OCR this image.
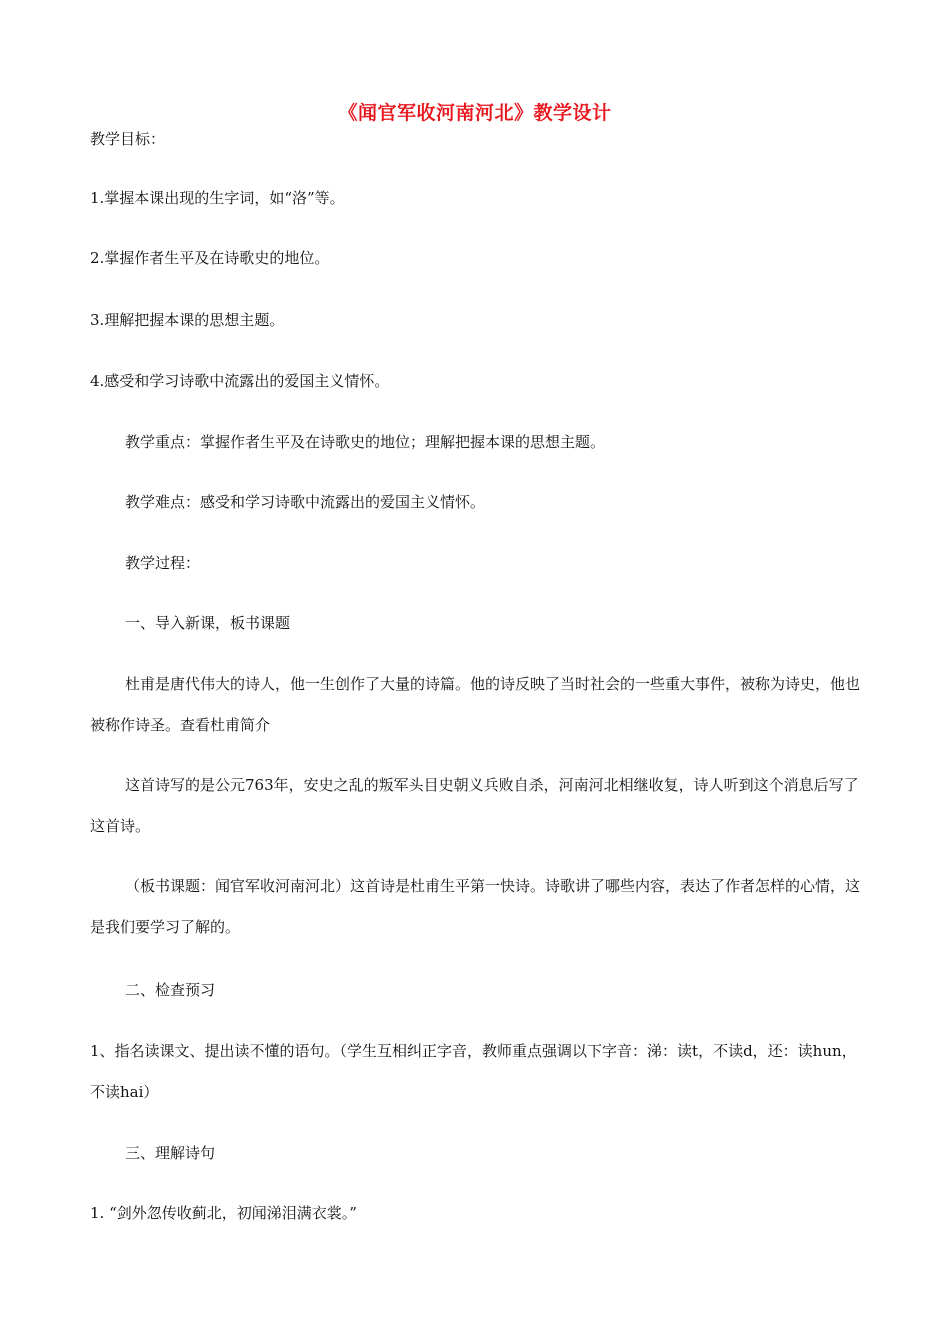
《闻官军收河南河北》教学设计
教学目标：
1.掌握本课出现的生字词，如“洛”等。
2.掌握作者生平及在诗歌史的地位。
3.理解把握本课的思想主题。
4.感受和学习诗歌中流露出的爱国主义情怀。
教学重点：掌握作者生平及在诗歌史的地位；理解把握本课的思想主题。
教学难点：感受和学习诗歌中流露出的爱国主义情怀。
教学过程：
一、导入新课，板书课题
杜甫是唐代伟大的诗人，他一生创作了大量的诗篇。他的诗反映了当时社会的一些重大事件，被称为诗史，他也被称作诗圣。查看杜甫简介
这首诗写的是公元763年，安史之乱的叛军头目史朝义兵败自杀，河南河北相继收复，诗人听到这个消息后写了这首诗。
（板书课题：闻官军收河南河北）这首诗是杜甫生平第一快诗。诗歌讲了哪些内容，表达了作者怎样的心情，这是我们要学习了解的。
二、检查预习
1、指名读课文、提出读不懂的语句。（学生互相纠正字音，教师重点强调以下字音：涕：读t，不读d，还：读hun，不读hai）
三、理解诗句
1. “剑外忽传收蓟北，初闻涕泪满衣裳。”
